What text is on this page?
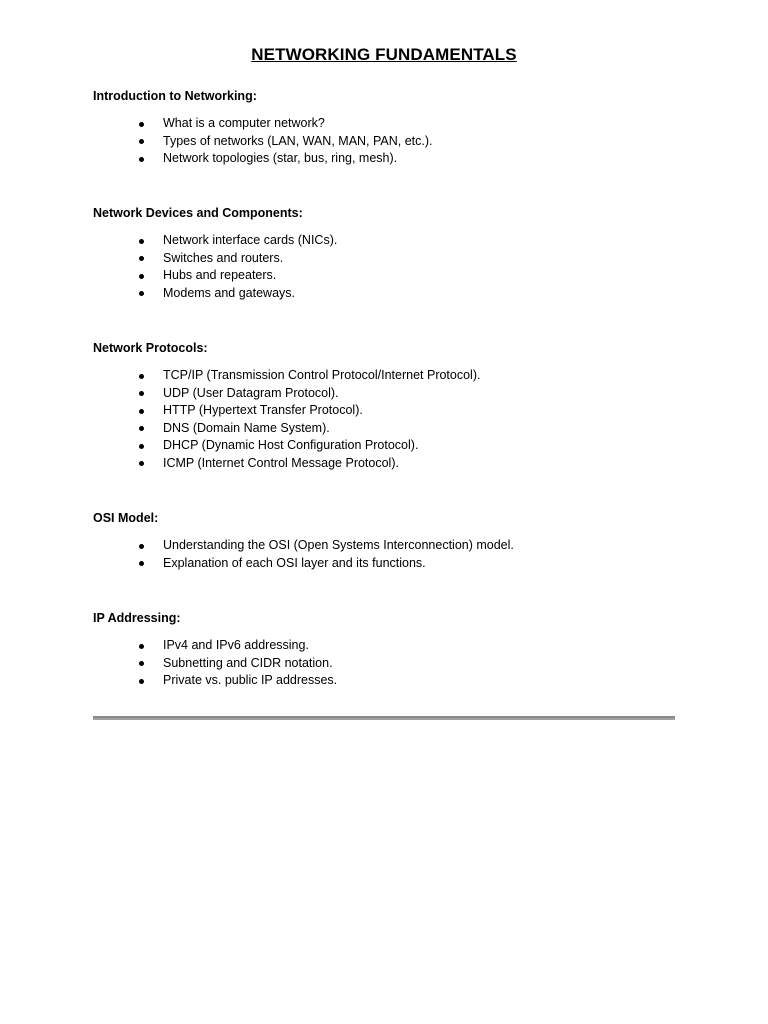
NETWORKING FUNDAMENTALS
Introduction to Networking:
What is a computer network?
Types of networks (LAN, WAN, MAN, PAN, etc.).
Network topologies (star, bus, ring, mesh).
Network Devices and Components:
Network interface cards (NICs).
Switches and routers.
Hubs and repeaters.
Modems and gateways.
Network Protocols:
TCP/IP (Transmission Control Protocol/Internet Protocol).
UDP (User Datagram Protocol).
HTTP (Hypertext Transfer Protocol).
DNS (Domain Name System).
DHCP (Dynamic Host Configuration Protocol).
ICMP (Internet Control Message Protocol).
OSI Model:
Understanding the OSI (Open Systems Interconnection) model.
Explanation of each OSI layer and its functions.
IP Addressing:
IPv4 and IPv6 addressing.
Subnetting and CIDR notation.
Private vs. public IP addresses.
